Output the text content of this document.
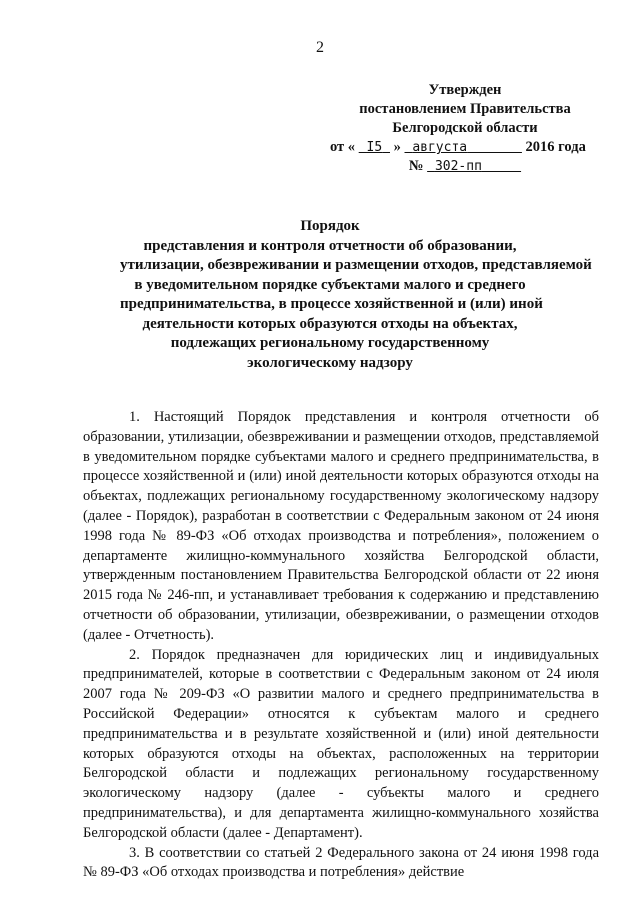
2
Утвержден
постановлением Правительства
Белгородской области
от « I5 » августа	2016 года
№ 302-пп
Порядок
представления и контроля отчетности об образовании,
утилизации, обезвреживании и размещении отходов, представляемой
в уведомительном порядке субъектами малого и среднего
предпринимательства, в процессе хозяйственной и (или) иной
деятельности которых образуются отходы на объектах,
подлежащих региональному государственному
экологическому надзору

1. Настоящий Порядок представления и контроля отчетности об образовании, утилизации, обезвреживании и размещении отходов, представляемой в уведомительном порядке субъектами малого и среднего предпринимательства, в процессе хозяйственной и (или) иной деятельности которых образуются отходы на объектах, подлежащих региональному государственному экологическому надзору (далее - Порядок), разработан в соответствии с Федеральным законом от 24 июня 1998 года № 89-ФЗ «Об отходах производства и потребления», положением о департаменте жилищно-коммунального хозяйства Белгородской области, утвержденным постановлением Правительства Белгородской области от 22 июня 2015 года № 246-пп, и устанавливает требования к содержанию и представлению отчетности об образовании, утилизации, обезвреживании, о размещении отходов (далее - Отчетность).

2. Порядок предназначен для юридических лиц и индивидуальных предпринимателей, которые в соответствии с Федеральным законом от 24 июля 2007 года № 209-ФЗ «О развитии малого и среднего предпринимательства в Российской Федерации» относятся к субъектам малого и среднего предпринимательства и в результате хозяйственной и (или) иной деятельности которых образуются отходы на объектах, расположенных на территории Белгородской области и подлежащих региональному государственному экологическому надзору (далее - субъекты малого и среднего предпринимательства), и для департамента жилищно-коммунального хозяйства Белгородской области (далее - Департамент).

3. В соответствии со статьей 2 Федерального закона от 24 июня 1998 года № 89-ФЗ «Об отходах производства и потребления» действие
